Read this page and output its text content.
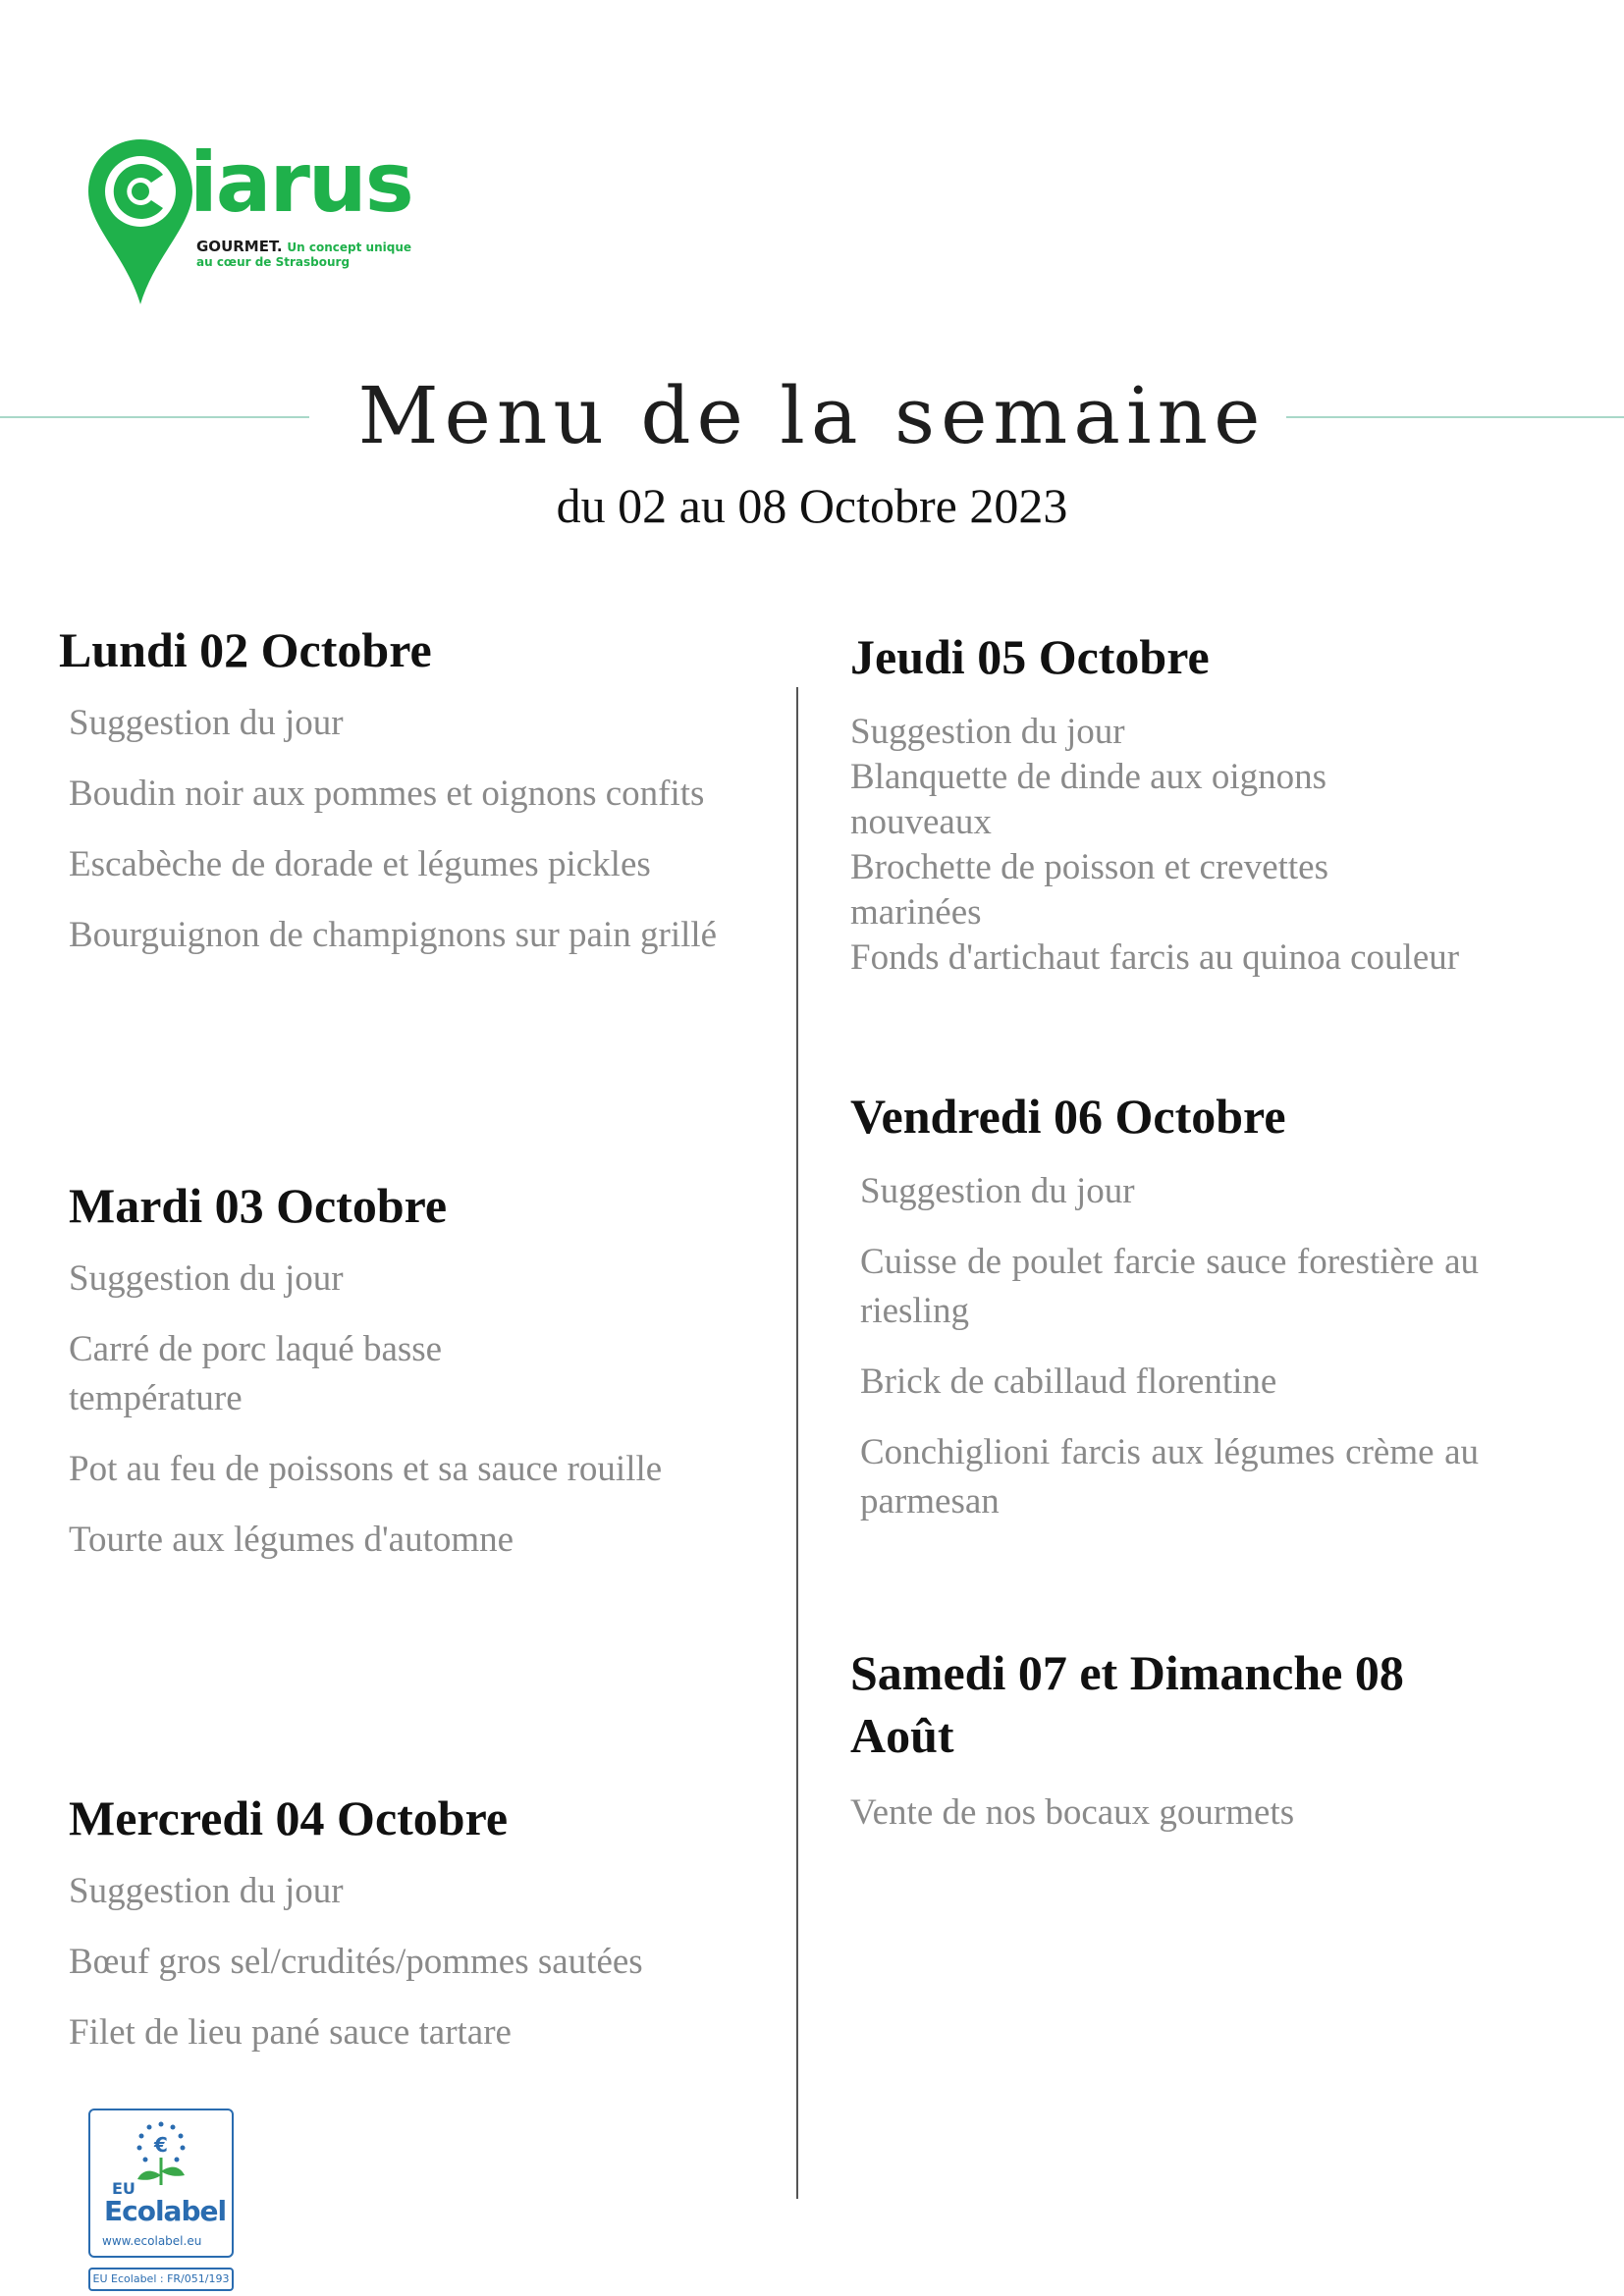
iarus
GOURMET. Un concept unique
au cœur de Strasbourg
Menu de la semaine
du 02 au 08 Octobre 2023
Lundi 02 Octobre

Suggestion du jour

Boudin noir aux pommes et oignons confits

Escabèche de dorade et légumes pickles

Bourguignon de champignons sur pain grillé

Mardi 03 Octobre

Suggestion du jour

Carré de porc laqué basse température

Pot au feu de poissons et sa sauce rouille

Tourte aux légumes d'automne

Mercredi 04 Octobre

Suggestion du jour

Bœuf gros sel/crudités/pommes sautées

Filet de lieu pané sauce tartare

Jeudi 05 Octobre

Suggestion du jour

Blanquette de dinde aux oignons nouveaux

Brochette de poisson et crevettes marinées

Fonds d'artichaut farcis au quinoa couleur

Vendredi 06 Octobre

Suggestion du jour

Cuisse de poulet farcie sauce forestière au riesling

Brick de cabillaud florentine

Conchiglioni farcis aux légumes crème au parmesan

Samedi 07 et Dimanche 08 Août

Vente de nos bocaux gourmets

€
EU
Ecolabel
www.ecolabel.eu
EU Ecolabel : FR/051/193
